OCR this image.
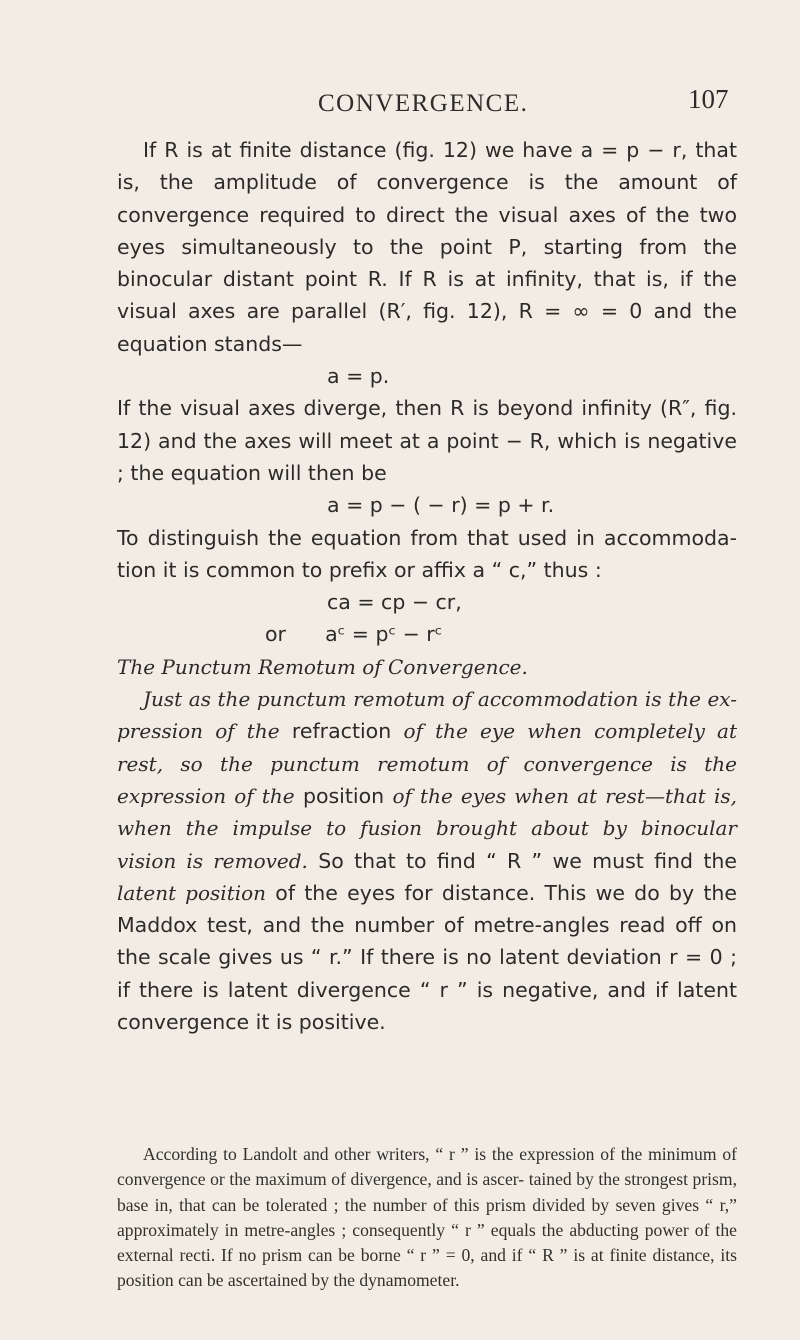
CONVERGENCE.	107

If R is at finite distance (fig. 12) we have a = p − r, that is, the amplitude of convergence is the amount of convergence required to direct the visual axes of the two eyes simultaneously to the point P, starting from the binocular distant point R. If R is at infinity, that is, if the visual axes are parallel (R′, fig. 12), R = ∞ = 0 and the equation stands—

a = p.

If the visual axes diverge, then R is beyond infinity (R″, fig. 12) and the axes will meet at a point − R, which is negative ; the equation will then be

a = p − ( − r) = p + r.

To distinguish the equation from that used in accommoda- tion it is common to prefix or affix a “ c,” thus :

ca = cp − cr,

or aᶜ = pᶜ − rᶜ

The Punctum Remotum of Convergence.

Just as the punctum remotum of accommodation is the ex- pression of the refraction of the eye when completely at rest, so the punctum remotum of convergence is the expression of the position of the eyes when at rest—that is, when the impulse to fusion brought about by binocular vision is removed. So that to find “ R ” we must find the latent position of the eyes for distance. This we do by the Maddox test, and the number of metre-angles read off on the scale gives us “ r.” If there is no latent deviation r = 0 ; if there is latent divergence “ r ” is negative, and if latent convergence it is positive.

According to Landolt and other writers, “ r ” is the expression of the minimum of convergence or the maximum of divergence, and is ascer- tained by the strongest prism, base in, that can be tolerated ; the number of this prism divided by seven gives “ r,” approximately in metre-angles ; consequently “ r ” equals the abducting power of the external recti. If no prism can be borne “ r ” = 0, and if “ R ” is at finite distance, its position can be ascertained by the dynamometer.
